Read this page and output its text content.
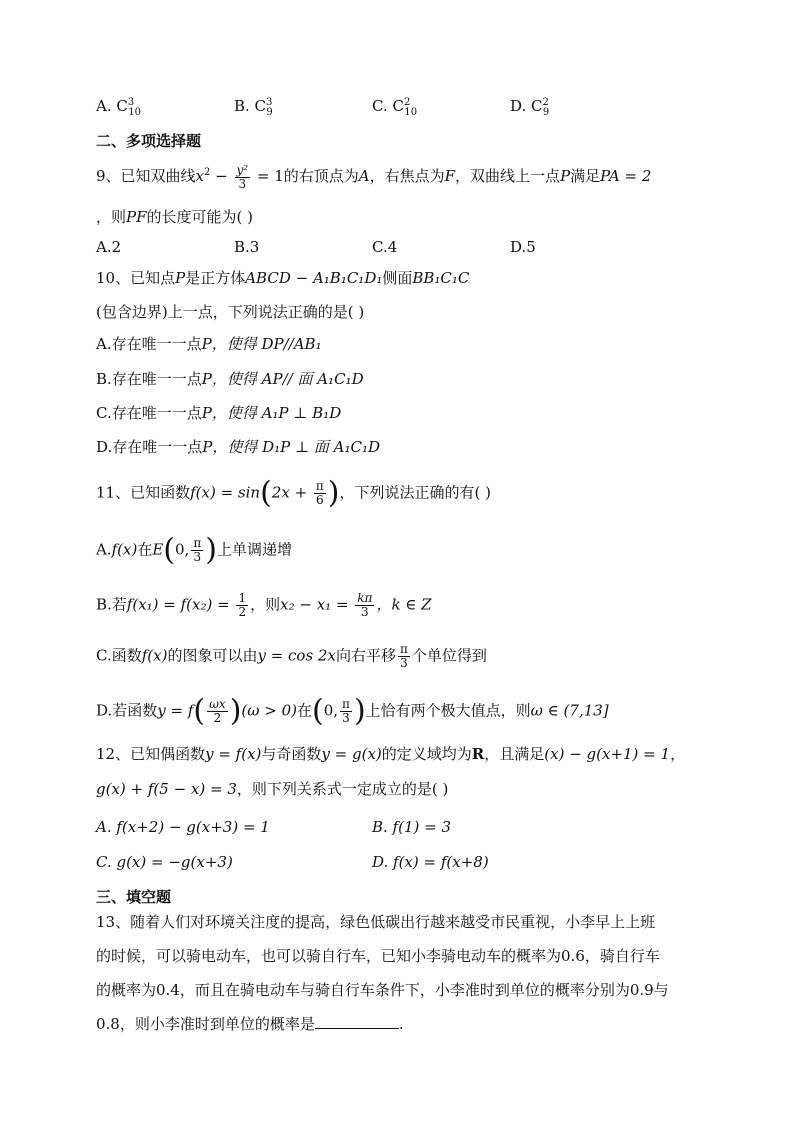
A. $C^3_{10}$	B. $C^3_9$	C. $C^2_{10}$	D. $C^2_9$
二、多项选择题
9、已知双曲线$x^2 - \frac{\text{y²}}{3} = 1$的右顶点为A，右焦点为F，双曲线上一点P满足PA = 2
，则PF的长度可能为( )
A.2	B.3	C.4	D.5
10、已知点P是正方体ABCD − A₁B₁C₁D₁侧面BB₁C₁C
(包含边界)上一点，下列说法正确的是( )
A.存在唯一一点P，使得 DP//AB₁
B.存在唯一一点P，使得 AP// 面 A₁C₁D
C.存在唯一一点P，使得 A₁P ⊥ B₁D
D.存在唯一一点P，使得 D₁P ⊥ 面 A₁C₁D
11、已知函数$f(x) = \sin(2x + \frac{\pi}{6}$ )，下列说法正确的有( )
A.f(x)在E(0, $\frac{\pi}{3}$ )上单调递增
B.若$f(x_1) = f(x_2) = \frac{1}{2}$ ，则$x_2 - x_1 = \frac{k\pi}{3}$ ，k ∈ Z
C.函数f(x)的图象可以由y = cos 2x向右平移 $\frac{\pi}{3}$ 个单位得到
D.若函数$y = f( \frac{\omega x}{2} )(\omega > 0)$在(0, $\frac{\pi}{3}$ )上恰有两个极大值点，则ω ∈ (7,13]
12、已知偶函数y = f(x)与奇函数y = g(x)的定义域均为R，且满足(x) − g(x+1) = 1，
g(x) + f(5 − x) = 3，则下列关系式一定成立的是( )
A. f(x+2) − g(x+3) = 1	B. f(1) = 3
C. g(x) = −g(x+3)	D. f(x) = f(x+8)
三、填空题
13、随着人们对环境关注度的提高，绿色低碳出行越来越受市民重视，小李早上上班
的时候，可以骑电动车，也可以骑自行车，已知小李骑电动车的概率为0.6，骑自行车
的概率为0.4，而且在骑电动车与骑自行车条件下，小李准时到单位的概率分别为0.9与
0.8，则小李准时到单位的概率是	.
